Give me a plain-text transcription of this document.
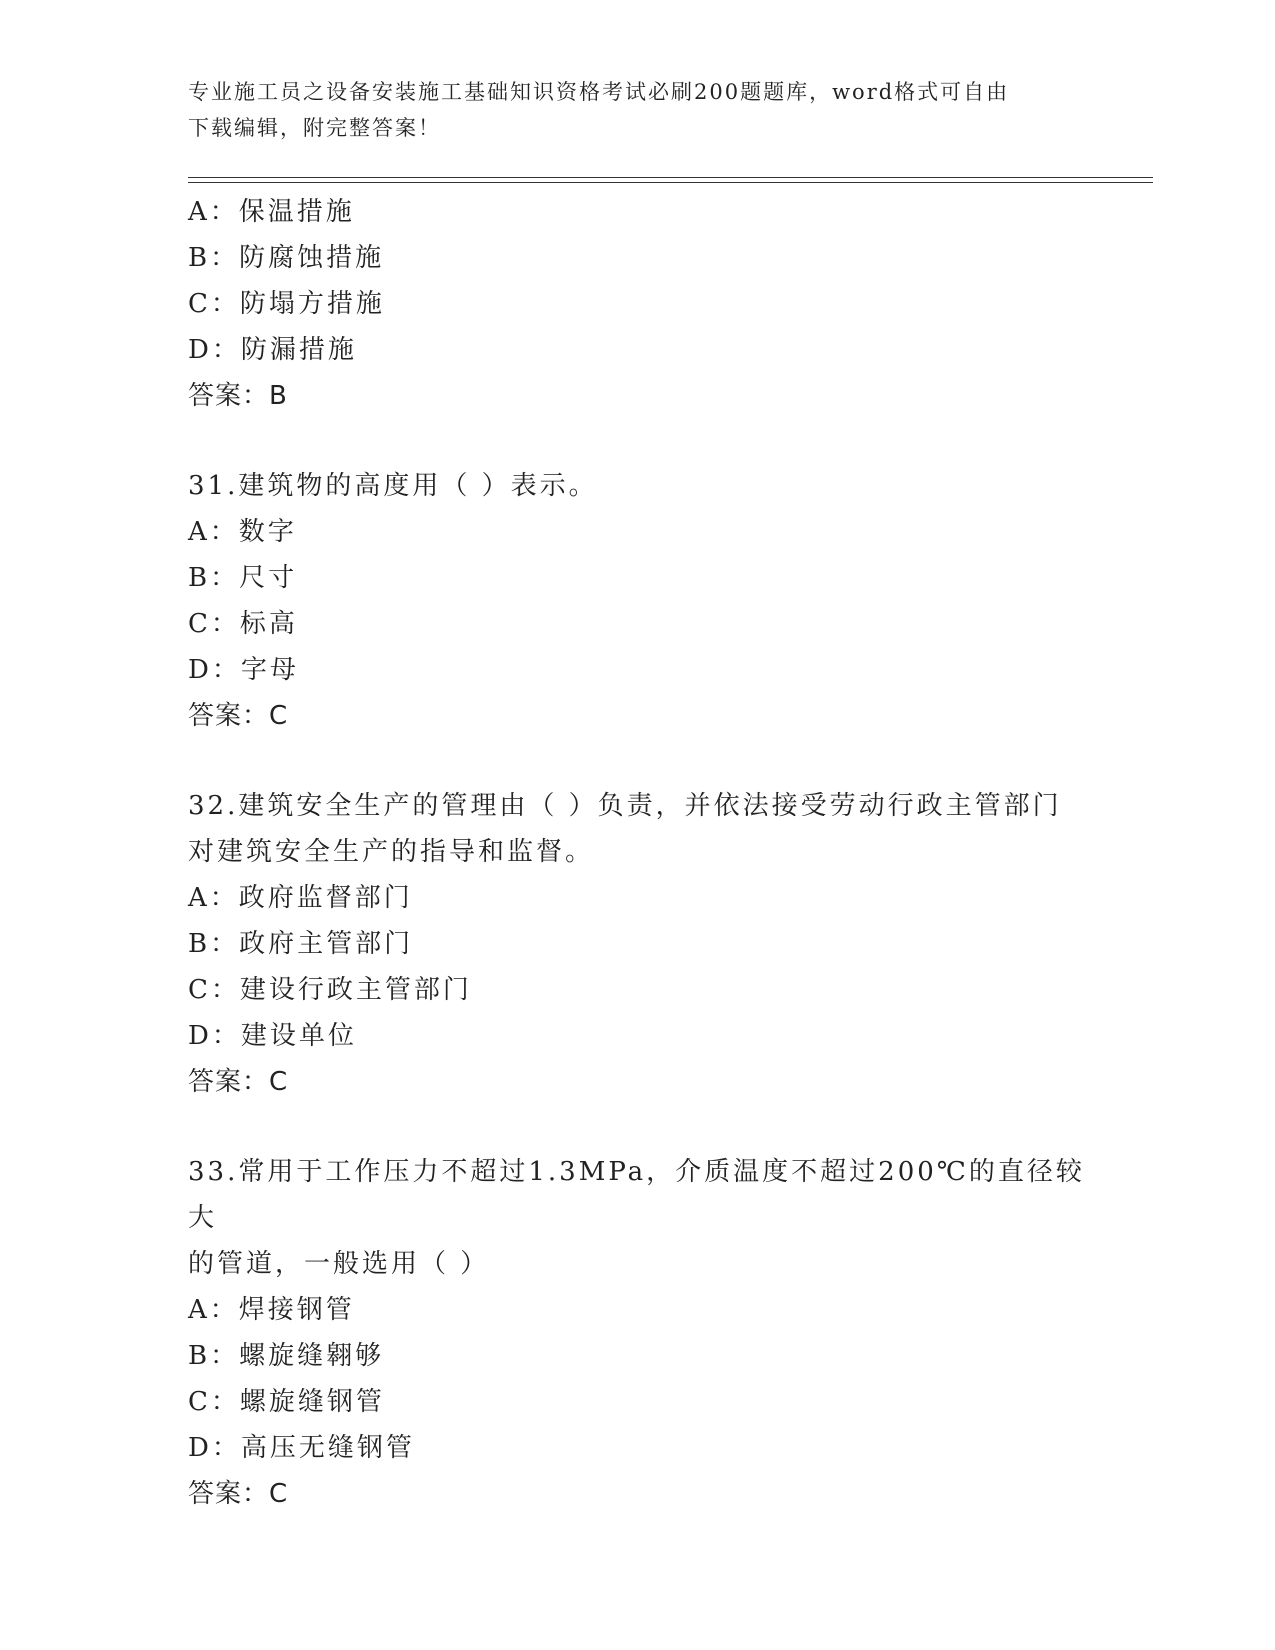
专业施工员之设备安装施工基础知识资格考试必刷200题题库，word格式可自由
下载编辑，附完整答案！
A：保温措施
B：防腐蚀措施
C：防塌方措施
D：防漏措施
答案：B
31.建筑物的高度用（ ）表示。
A：数字
B：尺寸
C：标高
D：字母
答案：C
32.建筑安全生产的管理由（ ）负责，并依法接受劳动行政主管部门
对建筑安全生产的指导和监督。
A：政府监督部门
B：政府主管部门
C：建设行政主管部门
D：建设单位
答案：C
33.常用于工作压力不超过1.3MPa，介质温度不超过200℃的直径较大
的管道，一般选用（ ）
A：焊接钢管
B：螺旋缝翱够
C：螺旋缝钢管
D：高压无缝钢管
答案：C
